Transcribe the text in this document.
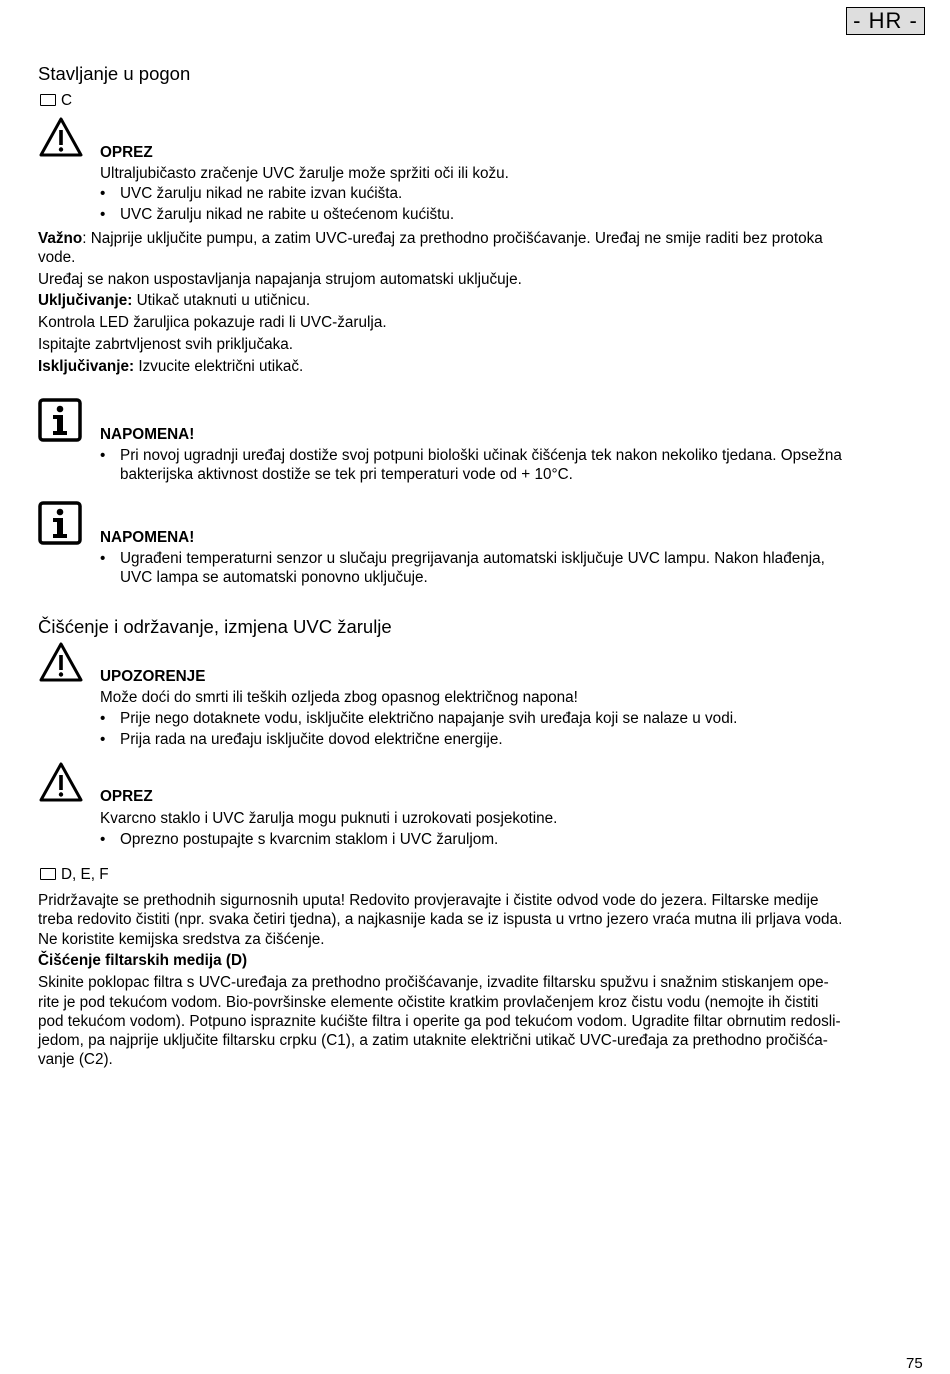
- HR -
Stavljanje u pogon
C
OPREZ
Ultraljubičasto zračenje UVC žarulje može spržiti oči ili kožu.
• UVC žarulju nikad ne rabite izvan kućišta.
• UVC žarulju nikad ne rabite u oštećenom kućištu.
Važno: Najprije uključite pumpu, a zatim UVC-uređaj za prethodno pročišćavanje. Uređaj ne smije raditi bez protoka
vode.
Uređaj se nakon uspostavljanja napajanja strujom automatski uključuje.
Uključivanje: Utikač utaknuti u utičnicu.
Kontrola LED žaruljica pokazuje radi li UVC-žarulja.
Ispitajte zabrtvljenost svih priključaka.
Isključivanje: Izvucite električni utikač.
NAPOMENA!
• Pri novoj ugradnji uređaj dostiže svoj potpuni biološki učinak čišćenja tek nakon nekoliko tjedana. Opsežna
bakterijska aktivnost dostiže se tek pri temperaturi vode od + 10°C.
NAPOMENA!
• Ugrađeni temperaturni senzor u slučaju pregrijavanja automatski isključuje UVC lampu. Nakon hlađenja,
UVC lampa se automatski ponovno uključuje.
Čišćenje i održavanje, izmjena UVC žarulje
UPOZORENJE
Može doći do smrti ili teških ozljeda zbog opasnog električnog napona!
• Prije nego dotaknete vodu, isključite električno napajanje svih uređaja koji se nalaze u vodi.
• Prija rada na uređaju isključite dovod električne energije.
OPREZ
Kvarcno staklo i UVC žarulja mogu puknuti i uzrokovati posjekotine.
• Oprezno postupajte s kvarcnim staklom i UVC žaruljom.
D, E, F
Pridržavajte se prethodnih sigurnosnih uputa! Redovito provjeravajte i čistite odvod vode do jezera. Filtarske medije
treba redovito čistiti (npr. svaka četiri tjedna), a najkasnije kada se iz ispusta u vrtno jezero vraća mutna ili prljava voda.
Ne koristite kemijska sredstva za čišćenje.
Čišćenje filtarskih medija (D)
Skinite poklopac filtra s UVC-uređaja za prethodno pročišćavanje, izvadite filtarsku spužvu i snažnim stiskanjem ope-
rite je pod tekućom vodom. Bio-površinske elemente očistite kratkim provlačenjem kroz čistu vodu (nemojte ih čistiti
pod tekućom vodom). Potpuno ispraznite kućište filtra i operite ga pod tekućom vodom. Ugradite filtar obrnutim redosli-
jedom, pa najprije uključite filtarsku crpku (C1), a zatim utaknite električni utikač UVC-uređaja za prethodno pročišća-
vanje (C2).
75
